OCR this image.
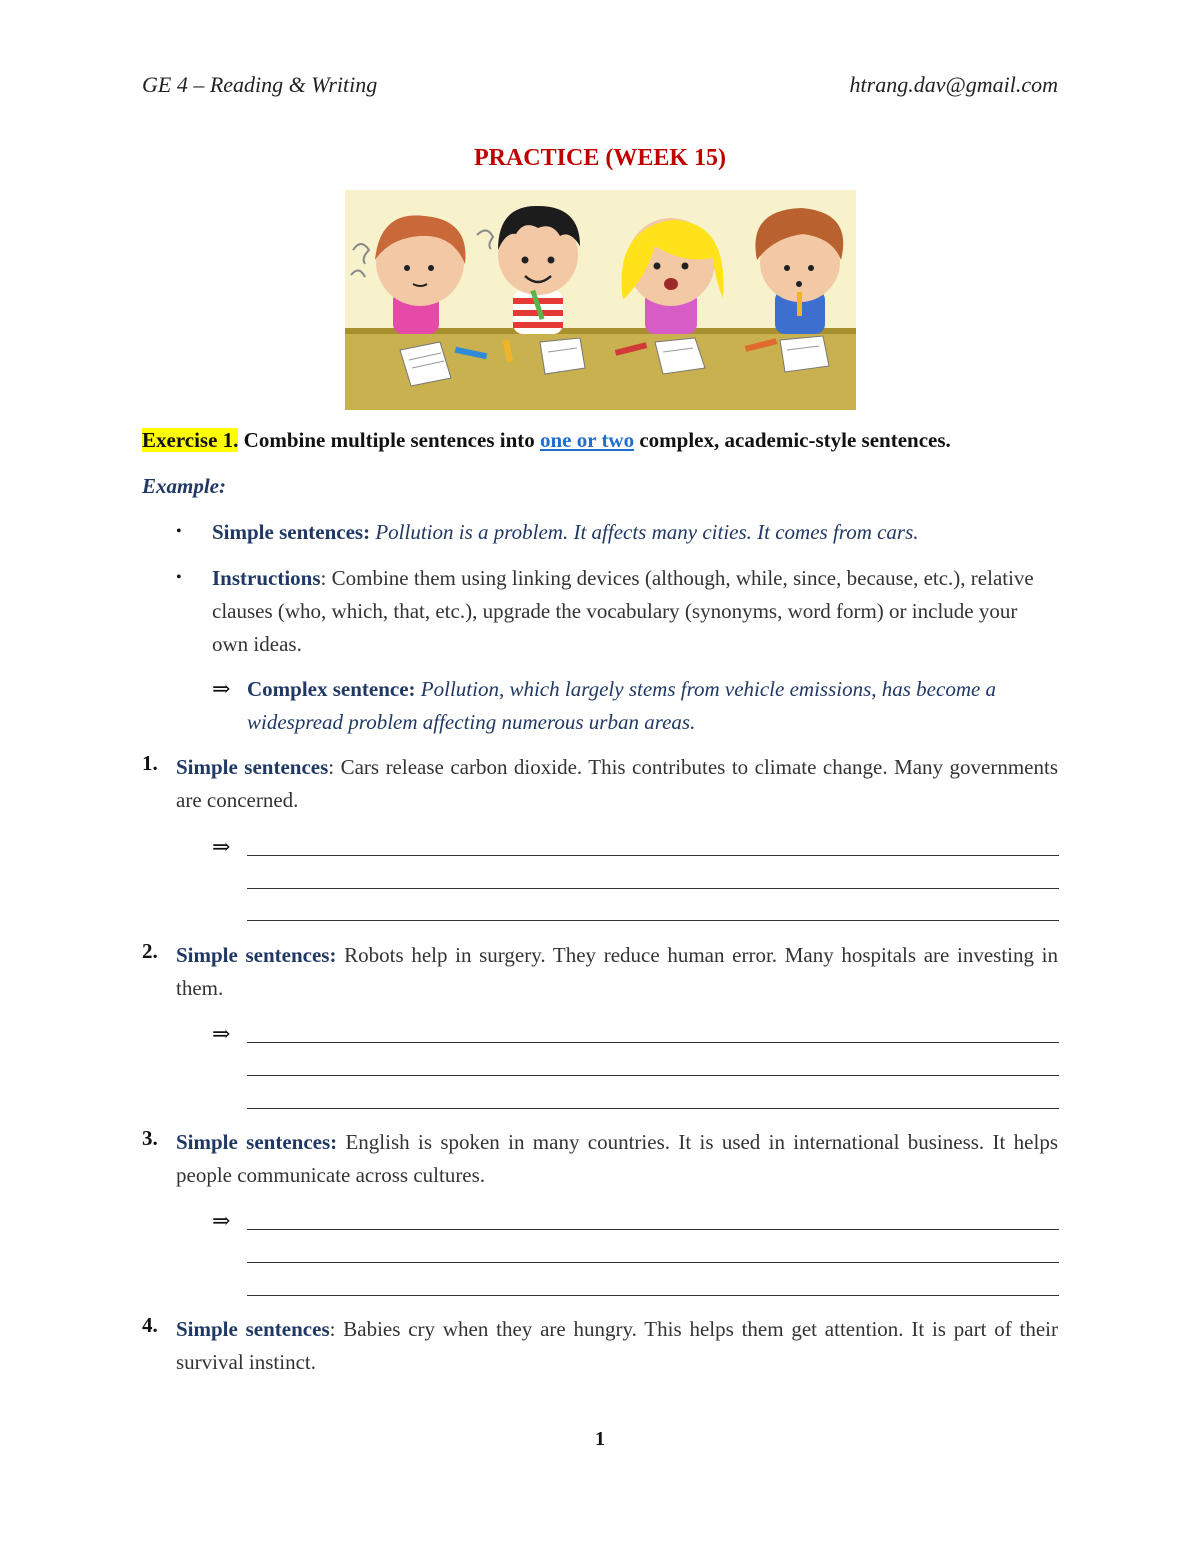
GE 4 – Reading & Writing	htrang.dav@gmail.com
PRACTICE (WEEK 15)
Exercise 1. Combine multiple sentences into one or two complex, academic-style sentences.
Example:
•	Simple sentences: Pollution is a problem. It affects many cities. It comes from cars.
•	Instructions: Combine them using linking devices (although, while, since, because, etc.), relative clauses (who, which, that, etc.), upgrade the vocabulary (synonyms, word form) or include your own ideas.
⇒ Complex sentence: Pollution, which largely stems from vehicle emissions, has become a widespread problem affecting numerous urban areas.
1. Simple sentences: Cars release carbon dioxide. This contributes to climate change. Many governments are concerned.
⇒
2. Simple sentences: Robots help in surgery. They reduce human error. Many hospitals are investing in them.
⇒
3. Simple sentences: English is spoken in many countries. It is used in international business. It helps people communicate across cultures.
⇒
4. Simple sentences: Babies cry when they are hungry. This helps them get attention. It is part of their survival instinct.
1
